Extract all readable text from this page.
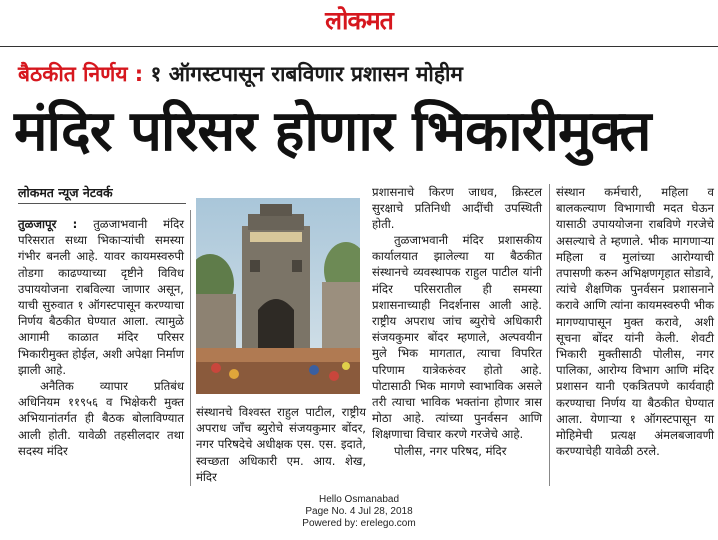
लोकमत
बैठकीत निर्णय : १ ऑगस्टपासून राबविणार प्रशासन मोहीम
मंदिर परिसर होणार भिकारीमुक्त
लोकमत न्यूज नेटवर्क

तुळजापूर : तुळजाभवानी मंदिर परिसरात सध्या भिकाऱ्यांची समस्या गंभीर बनली आहे. यावर कायमस्वरुपी तोडगा काढण्याच्या दृष्टीने विविध उपाययोजना राबविल्या जाणार असून, याची सुरुवात १ ऑगस्टपासून करण्याचा निर्णय बैठकीत घेण्यात आला. त्यामुळे आगामी काळात मंदिर परिसर भिकारीमुक्त होईल, अशी अपेक्षा निर्माण झाली आहे.

अनैतिक व्यापार प्रतिबंध अधिनियम ११९५६ व भिक्षेकरी मुक्त अभियानांतर्गत ही बैठक बोलाविण्यात आली होती. यावेळी तहसीलदार तथा सदस्य मंदिर

संस्थानचे विश्वस्त राहुल पाटील, राष्ट्रीय अपराध जाँच ब्युरोचे संजयकुमार बोंदर, नगर परिषदेचे अधीक्षक एस. एस. इदाते, स्वच्छता अधिकारी एम. आय. शेख, मंदिर
प्रशासनाचे किरण जाधव, क्रिस्टल सुरक्षाचे प्रतिनिधी आदींची उपस्थिती होती.

तुळजाभवानी मंदिर प्रशासकीय कार्यालयात झालेल्या या बैठकीत संस्थानचे व्यवस्थापक राहुल पाटील यांनी मंदिर परिसरातील ही समस्या प्रशासनाच्याही निदर्शनास आली आहे. राष्ट्रीय अपराध जांच ब्युरोचे अधिकारी संजयकुमार बोंदर म्हणाले, अल्पवयीन मुले भिक मागतात, त्याचा विपरित परिणाम यात्रेकरुंवर होतो आहे. पोटासाठी भिक मागणे स्वाभाविक असले तरी त्याचा भाविक भक्तांना होणार त्रास मोठा आहे. त्यांच्या पुनर्वसन आणि शिक्षणाचा विचार करणे गरजेचे आहे.

पोलीस, नगर परिषद, मंदिर

संस्थान कर्मचारी, महिला व बालकल्याण विभागाची मदत घेऊन यासाठी उपाययोजना राबविणे गरजेचे असल्याचे ते म्हणाले. भीक मागणाऱ्या महिला व मुलांच्या आरोग्याची तपासणी करुन अभिक्षणगृहात सोडावे, त्यांचे शैक्षणिक पुनर्वसन प्रशासनाने करावे आणि त्यांना कायमस्वरुपी भीक मागण्यापासून मुक्त करावे, अशी सूचना बोंदर यांनी केली. शेवटी भिकारी मुक्तीसाठी पोलीस, नगर पालिका, आरोग्य विभाग आणि मंदिर प्रशासन यानी एकत्रितपणे कार्यवाही करण्याचा निर्णय या बैठकीत घेण्यात आला. येणाऱ्या १ ऑगस्टपासून या मोहिमेची प्रत्यक्ष अंमलबजावणी करण्याचेही यावेळी ठरले.
Hello Osmanabad
Page No. 4 Jul 28, 2018
Powered by: erelego.com
